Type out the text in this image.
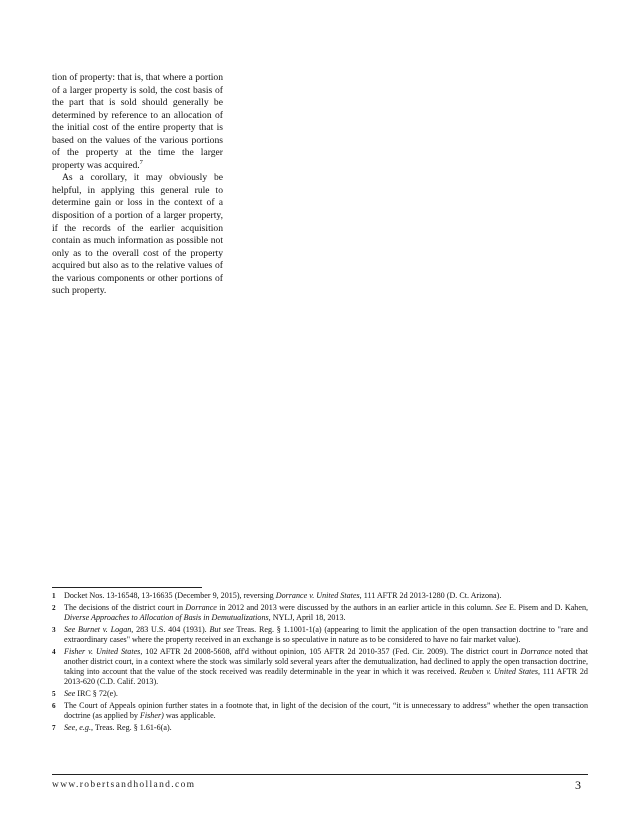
tion of property: that is, that where a portion of a larger property is sold, the cost basis of the part that is sold should generally be determined by reference to an allocation of the initial cost of the entire property that is based on the values of the various portions of the property at the time the larger property was acquired.$^7$

As a corollary, it may obviously be helpful, in applying this general rule to determine gain or loss in the context of a disposition of a portion of a larger property, if the records of the earlier acquisition contain as much information as possible not only as to the overall cost of the property acquired but also as to the relative values of the various components or other portions of such property.

1	Docket Nos. 13-16548, 13-16635 (December 9, 2015), reversing Dorrance v. United States, 111 AFTR 2d 2013-1280 (D. Ct. Arizona).
2	The decisions of the district court in Dorrance in 2012 and 2013 were discussed by the authors in an earlier article in this column. See E. Pisem and D. Kahen, Diverse Approaches to Allocation of Basis in Demutualizations, NYLJ, April 18, 2013.
3	See Burnet v. Logan, 283 U.S. 404 (1931). But see Treas. Reg. § 1.1001-1(a) (appearing to limit the application of the open transaction doctrine to "rare and extraordinary cases" where the property received in an exchange is so speculative in nature as to be considered to have no fair market value).
4	Fisher v. United States, 102 AFTR 2d 2008-5608, aff'd without opinion, 105 AFTR 2d 2010-357 (Fed. Cir. 2009). The district court in Dorrance noted that another district court, in a context where the stock was similarly sold several years after the demutualization, had declined to apply the open transaction doctrine, taking into account that the value of the stock received was readily determinable in the year in which it was received. Reuben v. United States, 111 AFTR 2d 2013-620 (C.D. Calif. 2013).
5	See IRC § 72(e).
6	The Court of Appeals opinion further states in a footnote that, in light of the decision of the court, “it is unnecessary to address” whether the open transaction doctrine (as applied by Fisher) was applicable.
7	See, e.g., Treas. Reg. § 1.61-6(a).
www.robertsandholland.com	3
